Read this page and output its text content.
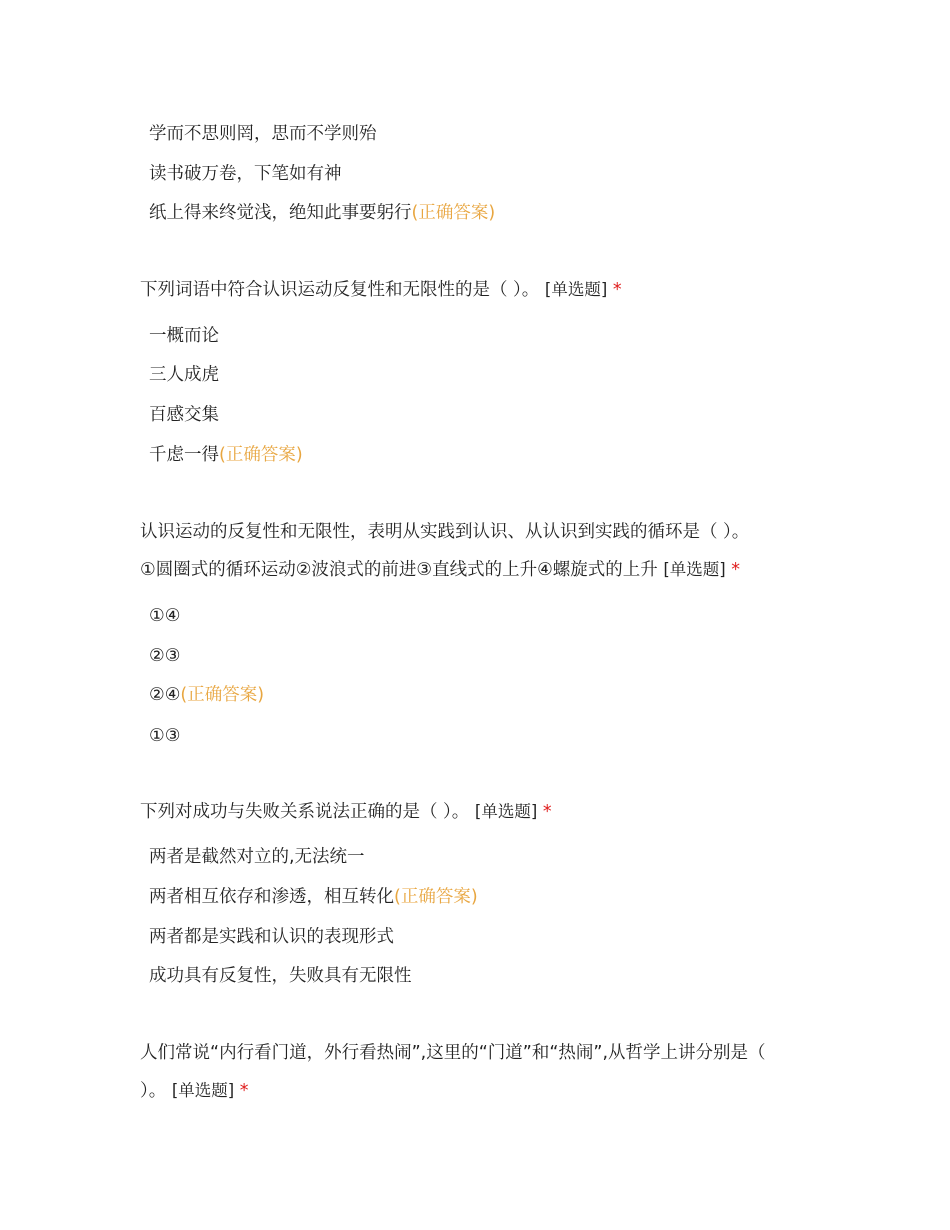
学而不思则罔，思而不学则殆
读书破万卷，下笔如有神
纸上得来终觉浅，绝知此事要躬行(正确答案)
下列词语中符合认识运动反复性和无限性的是（ ）。 [单选题] *
一概而论
三人成虎
百感交集
千虑一得(正确答案)
认识运动的反复性和无限性，表明从实践到认识、从认识到实践的循环是（ ）。
①圆圈式的循环运动②波浪式的前进③直线式的上升④螺旋式的上升 [单选题] *
①④
②③
②④(正确答案)
①③
下列对成功与失败关系说法正确的是（ ）。 [单选题] *
两者是截然对立的,无法统一
两者相互依存和渗透，相互转化(正确答案)
两者都是实践和认识的表现形式
成功具有反复性，失败具有无限性
人们常说“内行看门道，外行看热闹”,这里的“门道”和“热闹”,从哲学上讲分别是（
）。 [单选题] *
